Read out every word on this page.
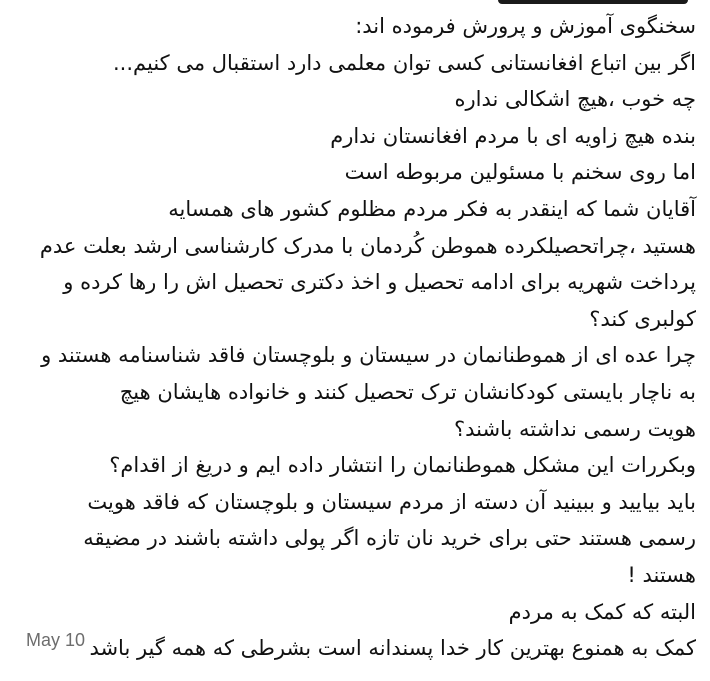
سخنگوی آموزش و پرورش فرموده اند:
اگر بین اتباع افغانستانی کسی توان معلمی دارد استقبال می کنیم...
چه خوب ،هیچ اشکالی نداره
بنده هیچ زاویه ای با مردم افغانستان ندارم
اما روی سخنم با مسئولین مربوطه است
آقایان شما که اینقدر به فکر مردم مظلوم کشور های همسایه
هستید ،چراتحصیلکرده هموطن کُردمان با مدرک کارشناسی ارشد بعلت عدم
پرداخت شهریه برای ادامه تحصیل و اخذ دکتری تحصیل اش را رها کرده و
کولبری کند؟
چرا عده ای از هموطنانمان در سیستان و بلوچستان فاقد شناسنامه هستند و
به ناچار بایستی کودکانشان ترک تحصیل کنند و خانواده هایشان هیچ
هویت رسمی نداشته باشند؟
وبکررات این مشکل هموطنانمان را انتشار داده ایم و دریغ از اقدام؟
باید بیایید و ببینید آن دسته از مردم سیستان و بلوچستان که فاقد هویت
رسمی هستند حتی برای خرید نان تازه اگر پولی داشته باشند در مضیقه
هستند !
البته که کمک به مردم
کمک به همنوع بهترین کار خدا پسندانه است بشرطی که همه گیر باشد
May 10
